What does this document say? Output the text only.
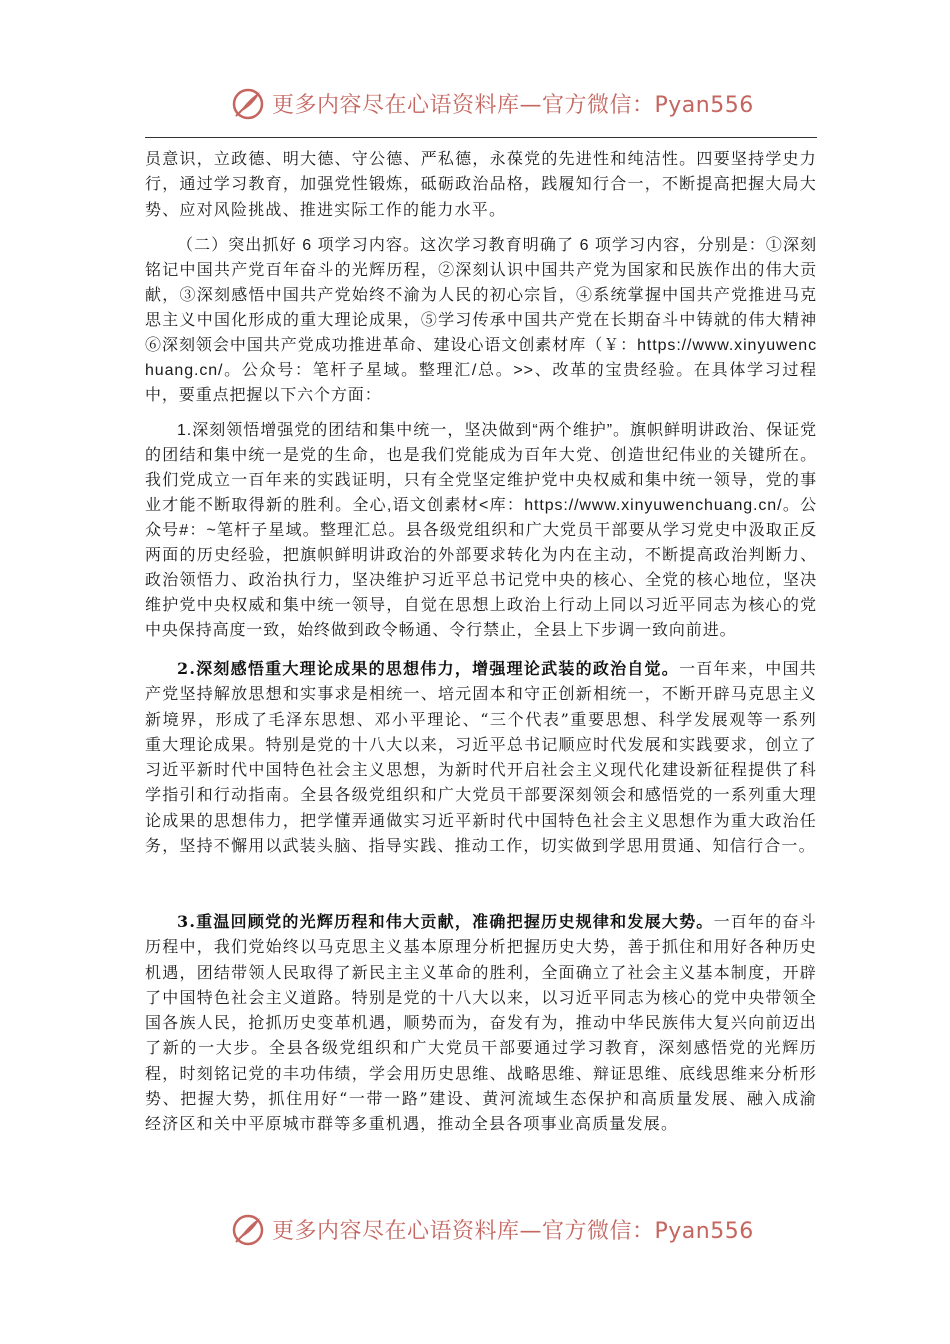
更多内容尽在心语资料库—官方微信：Pyan556

员意识，立政德、明大德、守公德、严私德，永葆党的先进性和纯洁性。四要坚持学史力行，通过学习教育，加强党性锻炼，砥砺政治品格，践履知行合一，不断提高把握大局大势、应对风险挑战、推进实际工作的能力水平。

（二）突出抓好 6 项学习内容。这次学习教育明确了 6 项学习内容，分别是：①深刻铭记中国共产党百年奋斗的光辉历程，②深刻认识中国共产党为国家和民族作出的伟大贡献，③深刻感悟中国共产党始终不渝为人民的初心宗旨，④系统掌握中国共产党推进马克思主义中国化形成的重大理论成果，⑤学习传承中国共产党在长期奋斗中铸就的伟大精神⑥深刻领会中国共产党成功推进革命、建设心语文创素材库（￥：https://www.xinyuwenchuang.cn/。公众号：笔杆子星域。整理汇/总。>>、改革的宝贵经验。在具体学习过程中，要重点把握以下六个方面：

1.深刻领悟增强党的团结和集中统一，坚决做到“两个维护”。旗帜鲜明讲政治、保证党的团结和集中统一是党的生命，也是我们党能成为百年大党、创造世纪伟业的关键所在。我们党成立一百年来的实践证明，只有全党坚定维护党中央权威和集中统一领导，党的事业才能不断取得新的胜利。全心,语文创素材<库：https://www.xinyuwenchuang.cn/。公众号#：~笔杆子星域。整理汇总。县各级党组织和广大党员干部要从学习党史中汲取正反两面的历史经验，把旗帜鲜明讲政治的外部要求转化为内在主动，不断提高政治判断力、政治领悟力、政治执行力，坚决维护习近平总书记党中央的核心、全党的核心地位，坚决维护党中央权威和集中统一领导，自觉在思想上政治上行动上同以习近平同志为核心的党中央保持高度一致，始终做到政令畅通、令行禁止，全县上下步调一致向前进。

2.深刻感悟重大理论成果的思想伟力，增强理论武装的政治自觉。一百年来，中国共产党坚持解放思想和实事求是相统一、培元固本和守正创新相统一，不断开辟马克思主义新境界，形成了毛泽东思想、邓小平理论、“三个代表”重要思想、科学发展观等一系列重大理论成果。特别是党的十八大以来，习近平总书记顺应时代发展和实践要求，创立了习近平新时代中国特色社会主义思想，为新时代开启社会主义现代化建设新征程提供了科学指引和行动指南。全县各级党组织和广大党员干部要深刻领会和感悟党的一系列重大理论成果的思想伟力，把学懂弄通做实习近平新时代中国特色社会主义思想作为重大政治任务，坚持不懈用以武装头脑、指导实践、推动工作，切实做到学思用贯通、知信行合一。

3.重温回顾党的光辉历程和伟大贡献，准确把握历史规律和发展大势。一百年的奋斗历程中，我们党始终以马克思主义基本原理分析把握历史大势，善于抓住和用好各种历史机遇，团结带领人民取得了新民主主义革命的胜利，全面确立了社会主义基本制度，开辟了中国特色社会主义道路。特别是党的十八大以来，以习近平同志为核心的党中央带领全国各族人民，抢抓历史变革机遇，顺势而为，奋发有为，推动中华民族伟大复兴向前迈出了新的一大步。全县各级党组织和广大党员干部要通过学习教育，深刻感悟党的光辉历程，时刻铭记党的丰功伟绩，学会用历史思维、战略思维、辩证思维、底线思维来分析形势、把握大势，抓住用好“一带一路”建设、黄河流域生态保护和高质量发展、融入成渝经济区和关中平原城市群等多重机遇，推动全县各项事业高质量发展。

更多内容尽在心语资料库—官方微信：Pyan556
